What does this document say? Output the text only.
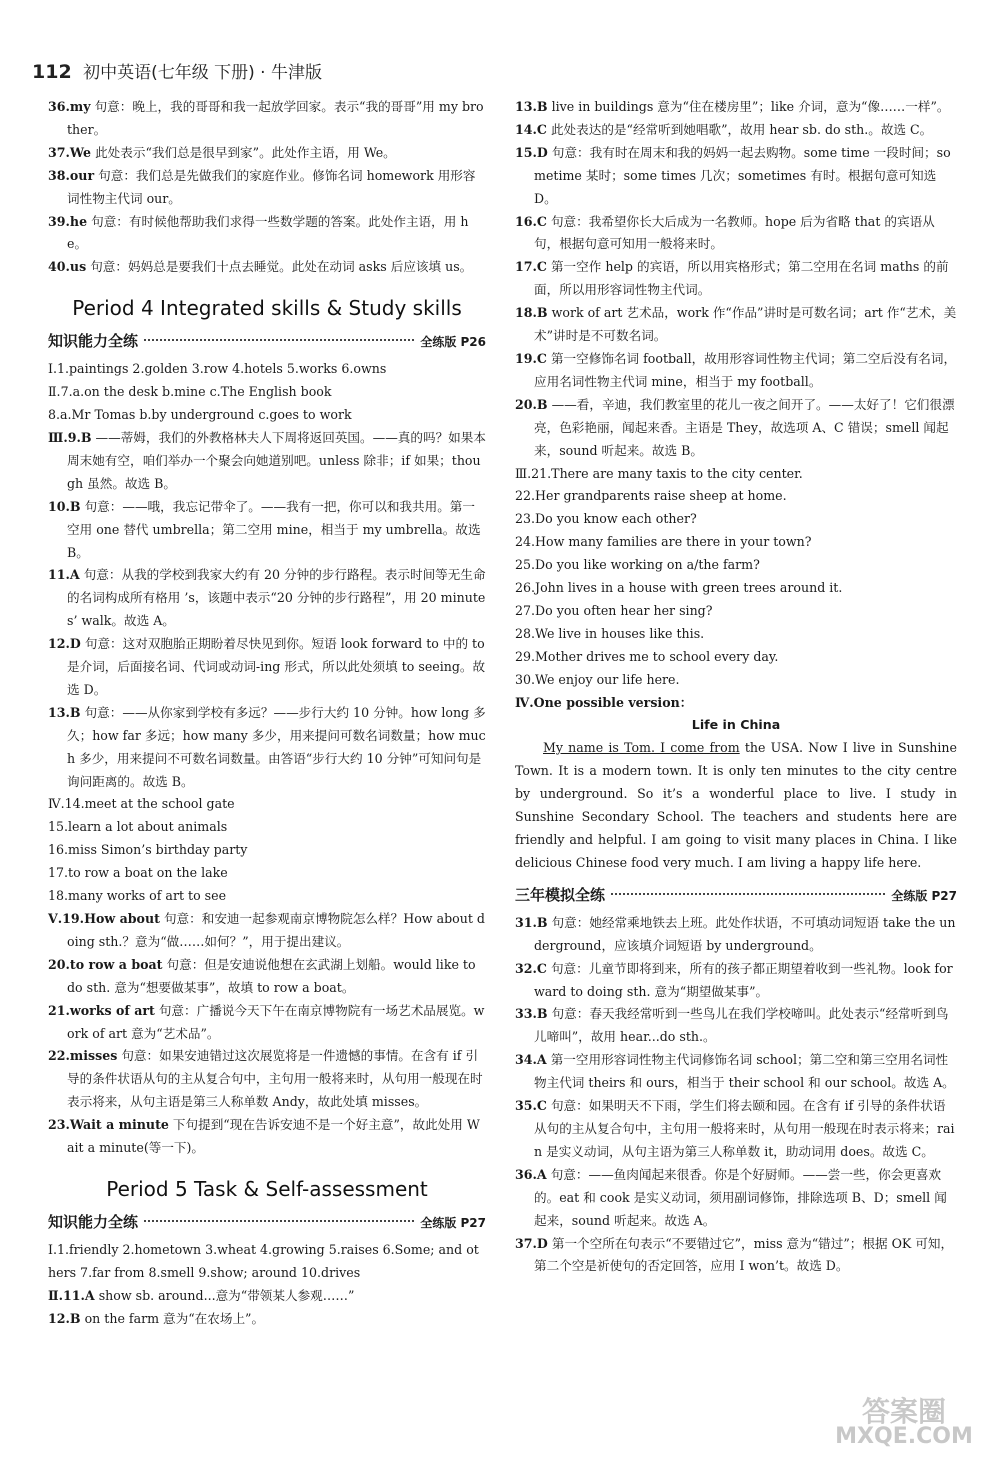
112 初中英语(七年级 下册) · 牛津版
36.my 句意：晚上，我的哥哥和我一起放学回家。表示“我的哥哥”用 my brother。
37.We 此处表示“我们总是很早到家”。此处作主语，用 We。
38.our 句意：我们总是先做我们的家庭作业。修饰名词 homework 用形容词性物主代词 our。
39.he 句意：有时候他帮助我们求得一些数学题的答案。此处作主语，用 he。
40.us 句意：妈妈总是要我们十点去睡觉。此处在动词 asks 后应该填 us。
Period 4 Integrated skills & Study skills
知识能力全练	全练版 P26
Ⅰ.1.paintings 2.golden 3.row 4.hotels 5.works 6.owns
Ⅱ.7.a.on the desk b.mine c.The English book
8.a.Mr Tomas b.by underground c.goes to work
Ⅲ.9.B ——蒂姆，我们的外教格林夫人下周将返回英国。——真的吗？如果本周末她有空，咱们举办一个聚会向她道别吧。unless 除非；if 如果；though 虽然。故选 B。
10.B 句意：——哦，我忘记带伞了。——我有一把，你可以和我共用。第一空用 one 替代 umbrella；第二空用 mine，相当于 my umbrella。故选 B。
11.A 句意：从我的学校到我家大约有 20 分钟的步行路程。表示时间等无生命的名词构成所有格用 ’s，该题中表示“20 分钟的步行路程”，用 20 minutes’ walk。故选 A。
12.D 句意：这对双胞胎正期盼着尽快见到你。短语 look forward to 中的 to 是介词，后面接名词、代词或动词-ing 形式，所以此处须填 to seeing。故选 D。
13.B 句意：——从你家到学校有多远？——步行大约 10 分钟。how long 多久；how far 多远；how many 多少，用来提问可数名词数量；how much 多少，用来提问不可数名词数量。由答语“步行大约 10 分钟”可知问句是询问距离的。故选 B。
Ⅳ.14.meet at the school gate
15.learn a lot about animals
16.miss Simon’s birthday party
17.to row a boat on the lake
18.many works of art to see
Ⅴ.19.How about 句意：和安迪一起参观南京博物院怎么样？How about doing sth.？意为“做……如何？”，用于提出建议。
20.to row a boat 句意：但是安迪说他想在玄武湖上划船。would like to do sth. 意为“想要做某事”，故填 to row a boat。
21.works of art 句意：广播说今天下午在南京博物院有一场艺术品展览。work of art 意为“艺术品”。
22.misses 句意：如果安迪错过这次展览将是一件遗憾的事情。在含有 if 引导的条件状语从句的主从复合句中，主句用一般将来时，从句用一般现在时表示将来，从句主语是第三人称单数 Andy，故此处填 misses。
23.Wait a minute 下句提到“现在告诉安迪不是一个好主意”，故此处用 Wait a minute(等一下)。
Period 5 Task & Self-assessment
知识能力全练	全练版 P27
Ⅰ.1.friendly 2.hometown 3.wheat 4.growing 5.raises 6.Some; and others 7.far from 8.smell 9.show; around 10.drives
Ⅱ.11.A show sb. around...意为“带领某人参观……”
12.B on the farm 意为“在农场上”。
13.B live in buildings 意为“住在楼房里”；like 介词，意为“像……一样”。
14.C 此处表达的是“经常听到她唱歌”，故用 hear sb. do sth.。故选 C。
15.D 句意：我有时在周末和我的妈妈一起去购物。some time 一段时间；sometime 某时；some times 几次；sometimes 有时。根据句意可知选 D。
16.C 句意：我希望你长大后成为一名教师。hope 后为省略 that 的宾语从句，根据句意可知用一般将来时。
17.C 第一空作 help 的宾语，所以用宾格形式；第二空用在名词 maths 的前面，所以用形容词性物主代词。
18.B work of art 艺术品，work 作“作品”讲时是可数名词；art 作“艺术，美术”讲时是不可数名词。
19.C 第一空修饰名词 football，故用形容词性物主代词；第二空后没有名词，应用名词性物主代词 mine，相当于 my football。
20.B ——看，辛迪，我们教室里的花儿一夜之间开了。——太好了！它们很漂亮，色彩艳丽，闻起来香。主语是 They，故选项 A、C 错误；smell 闻起来，sound 听起来。故选 B。
Ⅲ.21.There are many taxis to the city center.
22.Her grandparents raise sheep at home.
23.Do you know each other?
24.How many families are there in your town?
25.Do you like working on a/the farm?
26.John lives in a house with green trees around it.
27.Do you often hear her sing?
28.We live in houses like this.
29.Mother drives me to school every day.
30.We enjoy our life here.
Ⅳ.One possible version：
Life in China
My name is Tom. I come from the USA. Now I live in Sunshine Town. It is a modern town. It is only ten minutes to the city centre by underground. So it’s a wonderful place to live. I study in Sunshine Secondary School. The teachers and students here are friendly and helpful. I am going to visit many places in China. I like delicious Chinese food very much. I am living a happy life here.
三年模拟全练	全练版 P27
31.B 句意：她经常乘地铁去上班。此处作状语，不可填动词短语 take the underground，应该填介词短语 by underground。
32.C 句意：儿童节即将到来，所有的孩子都正期望着收到一些礼物。look forward to doing sth. 意为“期望做某事”。
33.B 句意：春天我经常听到一些鸟儿在我们学校啼叫。此处表示“经常听到鸟儿啼叫”，故用 hear...do sth.。
34.A 第一空用形容词性物主代词修饰名词 school；第二空和第三空用名词性物主代词 theirs 和 ours，相当于 their school 和 our school。故选 A。
35.C 句意：如果明天不下雨，学生们将去颐和园。在含有 if 引导的条件状语从句的主从复合句中，主句用一般将来时，从句用一般现在时表示将来；rain 是实义动词，从句主语为第三人称单数 it，助动词用 does。故选 C。
36.A 句意：——鱼肉闻起来很香。你是个好厨师。——尝一些，你会更喜欢的。eat 和 cook 是实义动词，须用副词修饰，排除选项 B、D；smell 闻起来，sound 听起来。故选 A。
37.D 第一个空所在句表示“不要错过它”，miss 意为“错过”；根据 OK 可知，第二个空是祈使句的否定回答，应用 I won’t。故选 D。
答案圈
MXQE.COM
